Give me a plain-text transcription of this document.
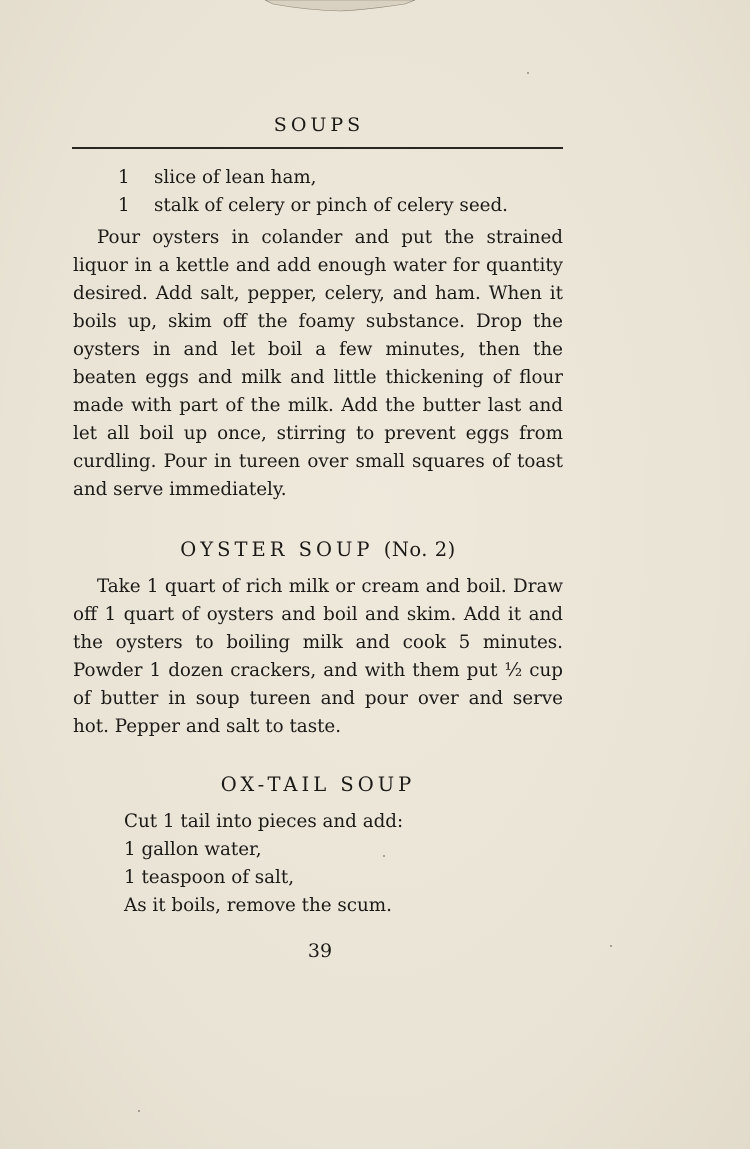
SOUPS
1 slice of lean ham,
1 stalk of celery or pinch of celery seed.
Pour oysters in colander and put the strained liquor in a kettle and add enough water for quantity desired. Add salt, pepper, celery, and ham. When it boils up, skim off the foamy substance. Drop the oysters in and let boil a few minutes, then the beaten eggs and milk and little thickening of flour made with part of the milk. Add the butter last and let all boil up once, stirring to prevent eggs from curdling. Pour in tureen over small squares of toast and serve immediately.
OYSTER SOUP (No. 2)
Take 1 quart of rich milk or cream and boil. Draw off 1 quart of oysters and boil and skim. Add it and the oysters to boiling milk and cook 5 minutes. Powder 1 dozen crackers, and with them put ½ cup of butter in soup tureen and pour over and serve hot. Pepper and salt to taste.
OX-TAIL SOUP
Cut 1 tail into pieces and add:
1 gallon water,
1 teaspoon of salt,
As it boils, remove the scum.
39
